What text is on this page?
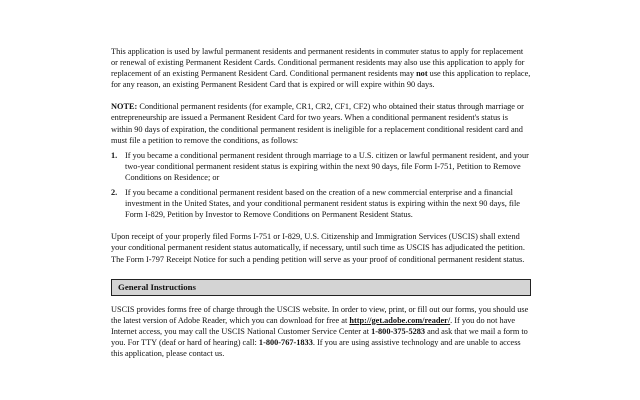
This application is used by lawful permanent residents and permanent residents in commuter status to apply for replacement or renewal of existing Permanent Resident Cards. Conditional permanent residents may also use this application to apply for replacement of an existing Permanent Resident Card. Conditional permanent residents may not use this application to replace, for any reason, an existing Permanent Resident Card that is expired or will expire within 90 days.

NOTE: Conditional permanent residents (for example, CR1, CR2, CF1, CF2) who obtained their status through marriage or entrepreneurship are issued a Permanent Resident Card for two years. When a conditional permanent resident's status is within 90 days of expiration, the conditional permanent resident is ineligible for a replacement conditional resident card and must file a petition to remove the conditions, as follows:

1. If you became a conditional permanent resident through marriage to a U.S. citizen or lawful permanent resident, and your two-year conditional permanent resident status is expiring within the next 90 days, file Form I-751, Petition to Remove Conditions on Residence; or
2. If you became a conditional permanent resident based on the creation of a new commercial enterprise and a financial investment in the United States, and your conditional permanent resident status is expiring within the next 90 days, file Form I-829, Petition by Investor to Remove Conditions on Permanent Resident Status.

Upon receipt of your properly filed Forms I-751 or I-829, U.S. Citizenship and Immigration Services (USCIS) shall extend your conditional permanent resident status automatically, if necessary, until such time as USCIS has adjudicated the petition. The Form I-797 Receipt Notice for such a pending petition will serve as your proof of conditional permanent resident status.

General Instructions

USCIS provides forms free of charge through the USCIS website. In order to view, print, or fill out our forms, you should use the latest version of Adobe Reader, which you can download for free at http://get.adobe.com/reader/. If you do not have Internet access, you may call the USCIS National Customer Service Center at 1-800-375-5283 and ask that we mail a form to you. For TTY (deaf or hard of hearing) call: 1-800-767-1833. If you are using assistive technology and are unable to access this application, please contact us.
